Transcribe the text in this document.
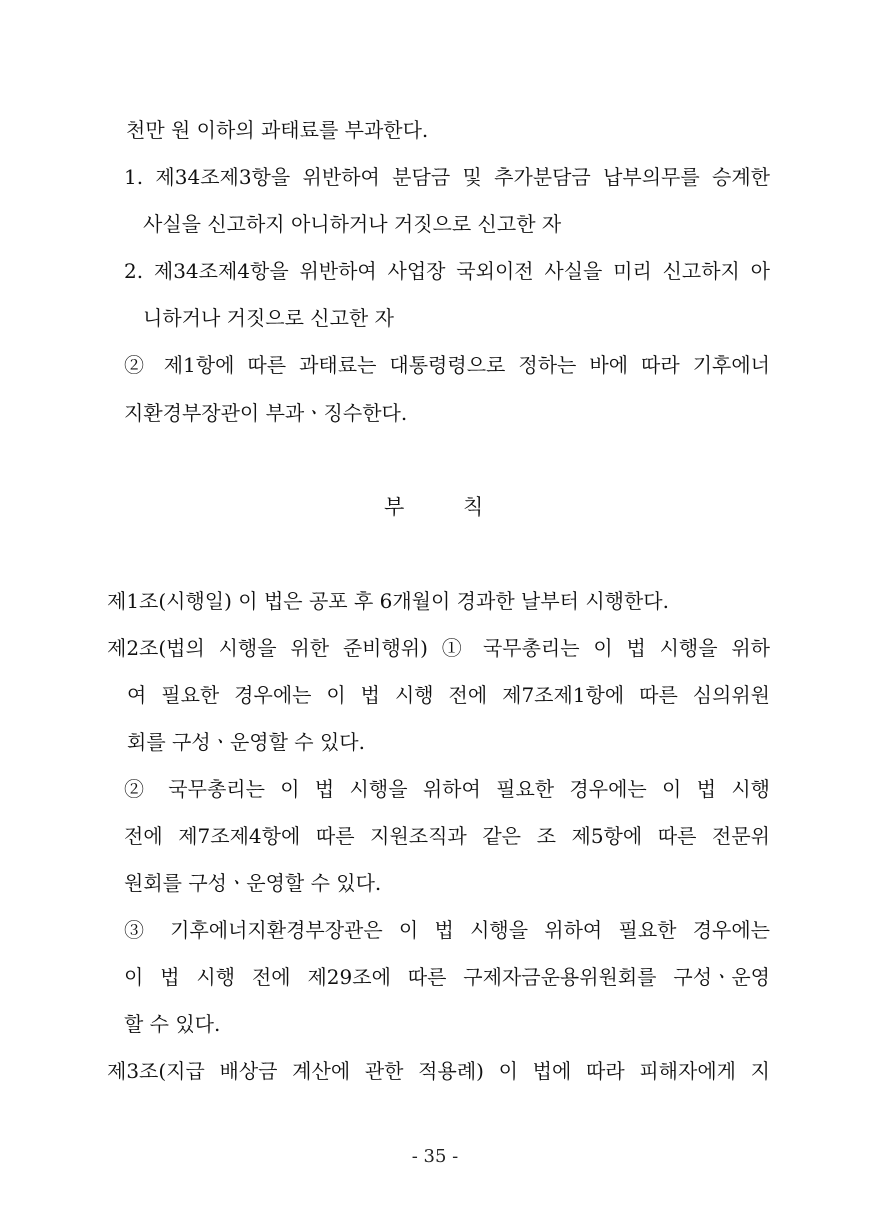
천만 원 이하의 과태료를 부과한다.
1. 제34조제3항을 위반하여 분담금 및 추가분담금 납부의무를 승계한
사실을 신고하지 아니하거나 거짓으로 신고한 자
2. 제34조제4항을 위반하여 사업장 국외이전 사실을 미리 신고하지 아
니하거나 거짓으로 신고한 자
② 제1항에 따른 과태료는 대통령령으로 정하는 바에 따라 기후에너
지환경부장관이 부과ㆍ징수한다.
부	칙
제1조(시행일) 이 법은 공포 후 6개월이 경과한 날부터 시행한다.
제2조(법의 시행을 위한 준비행위) ① 국무총리는 이 법 시행을 위하
여 필요한 경우에는 이 법 시행 전에 제7조제1항에 따른 심의위원
회를 구성ㆍ운영할 수 있다.
② 국무총리는 이 법 시행을 위하여 필요한 경우에는 이 법 시행
전에 제7조제4항에 따른 지원조직과 같은 조 제5항에 따른 전문위
원회를 구성ㆍ운영할 수 있다.
③ 기후에너지환경부장관은 이 법 시행을 위하여 필요한 경우에는
이 법 시행 전에 제29조에 따른 구제자금운용위원회를 구성ㆍ운영
할 수 있다.
제3조(지급 배상금 계산에 관한 적용례) 이 법에 따라 피해자에게 지
- 35 -
